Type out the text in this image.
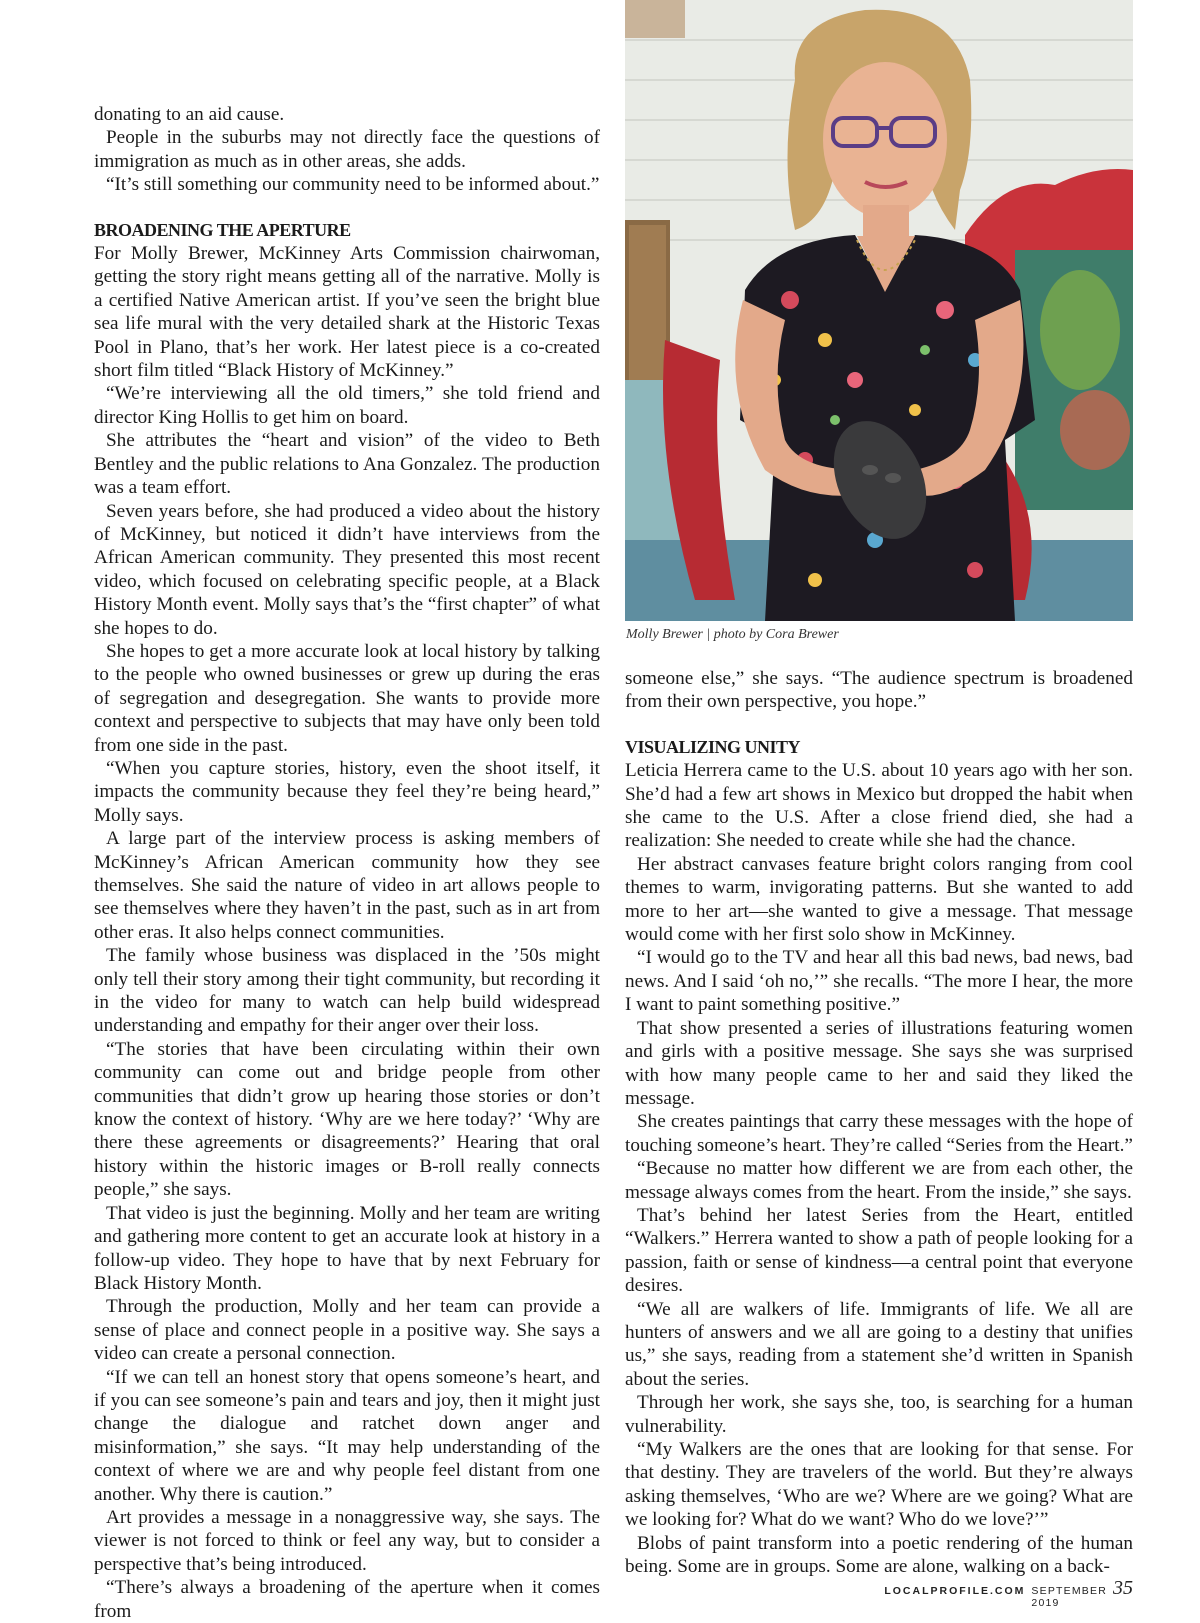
Molly Brewer | photo by Cora Brewer

donating to an aid cause.

People in the suburbs may not directly face the questions of immigration as much as in other areas, she adds.

“It’s still something our community need to be informed about.”

BROADENING THE APERTURE

For Molly Brewer, McKinney Arts Commission chairwoman, getting the story right means getting all of the narrative. Molly is a certified Native American artist. If you’ve seen the bright blue sea life mural with the very detailed shark at the Historic Texas Pool in Plano, that’s her work. Her latest piece is a co-created short film titled “Black History of McKinney.”

“We’re interviewing all the old timers,” she told friend and director King Hollis to get him on board.

She attributes the “heart and vision” of the video to Beth Bentley and the public relations to Ana Gonzalez. The production was a team effort.

Seven years before, she had produced a video about the history of McKinney, but noticed it didn’t have interviews from the African American community. They presented this most recent video, which focused on celebrating specific people, at a Black History Month event. Molly says that’s the “first chapter” of what she hopes to do.

She hopes to get a more accurate look at local history by talking to the people who owned businesses or grew up during the eras of segregation and desegregation. She wants to provide more context and perspective to subjects that may have only been told from one side in the past.

“When you capture stories, history, even the shoot itself, it impacts the community because they feel they’re being heard,” Molly says.

A large part of the interview process is asking members of McKinney’s African American community how they see themselves. She said the nature of video in art allows people to see themselves where they haven’t in the past, such as in art from other eras. It also helps connect communities.

The family whose business was displaced in the ’50s might only tell their story among their tight community, but recording it in the video for many to watch can help build widespread understanding and empathy for their anger over their loss.

“The stories that have been circulating within their own community can come out and bridge people from other communities that didn’t grow up hearing those stories or don’t know the context of history. ‘Why are we here today?’ ‘Why are there these agreements or disagreements?’ Hearing that oral history within the historic images or B-roll really connects people,” she says.

That video is just the beginning. Molly and her team are writing and gathering more content to get an accurate look at history in a follow-up video. They hope to have that by next February for Black History Month.

Through the production, Molly and her team can provide a sense of place and connect people in a positive way. She says a video can create a personal connection.

“If we can tell an honest story that opens someone’s heart, and if you can see someone’s pain and tears and joy, then it might just change the dialogue and ratchet down anger and misinformation,” she says. “It may help understanding of the context of where we are and why people feel distant from one another. Why there is caution.”

Art provides a message in a nonaggressive way, she says. The viewer is not forced to think or feel any way, but to consider a perspective that’s being introduced.

“There’s always a broadening of the aperture when it comes from

someone else,” she says. “The audience spectrum is broadened from their own perspective, you hope.”

VISUALIZING UNITY

Leticia Herrera came to the U.S. about 10 years ago with her son. She’d had a few art shows in Mexico but dropped the habit when she came to the U.S. After a close friend died, she had a realization: She needed to create while she had the chance.

Her abstract canvases feature bright colors ranging from cool themes to warm, invigorating patterns. But she wanted to add more to her art—she wanted to give a message. That message would come with her first solo show in McKinney.

“I would go to the TV and hear all this bad news, bad news, bad news. And I said ‘oh no,’” she recalls. “The more I hear, the more I want to paint something positive.”

That show presented a series of illustrations featuring women and girls with a positive message. She says she was surprised with how many people came to her and said they liked the message.

She creates paintings that carry these messages with the hope of touching someone’s heart. They’re called “Series from the Heart.”

“Because no matter how different we are from each other, the message always comes from the heart. From the inside,” she says.

That’s behind her latest Series from the Heart, entitled “Walkers.” Herrera wanted to show a path of people looking for a passion, faith or sense of kindness—a central point that everyone desires.

“We all are walkers of life. Immigrants of life. We all are hunters of answers and we all are going to a destiny that unifies us,” she says, reading from a statement she’d written in Spanish about the series.

Through her work, she says she, too, is searching for a human vulnerability.

“My Walkers are the ones that are looking for that sense. For that destiny. They are travelers of the world. But they’re always asking themselves, ‘Who are we? Where are we going? What are we looking for? What do we want? Who do we love?’”

Blobs of paint transform into a poetic rendering of the human being. Some are in groups. Some are alone, walking on a back-

LOCALPROFILE.COM SEPTEMBER 2019
35
